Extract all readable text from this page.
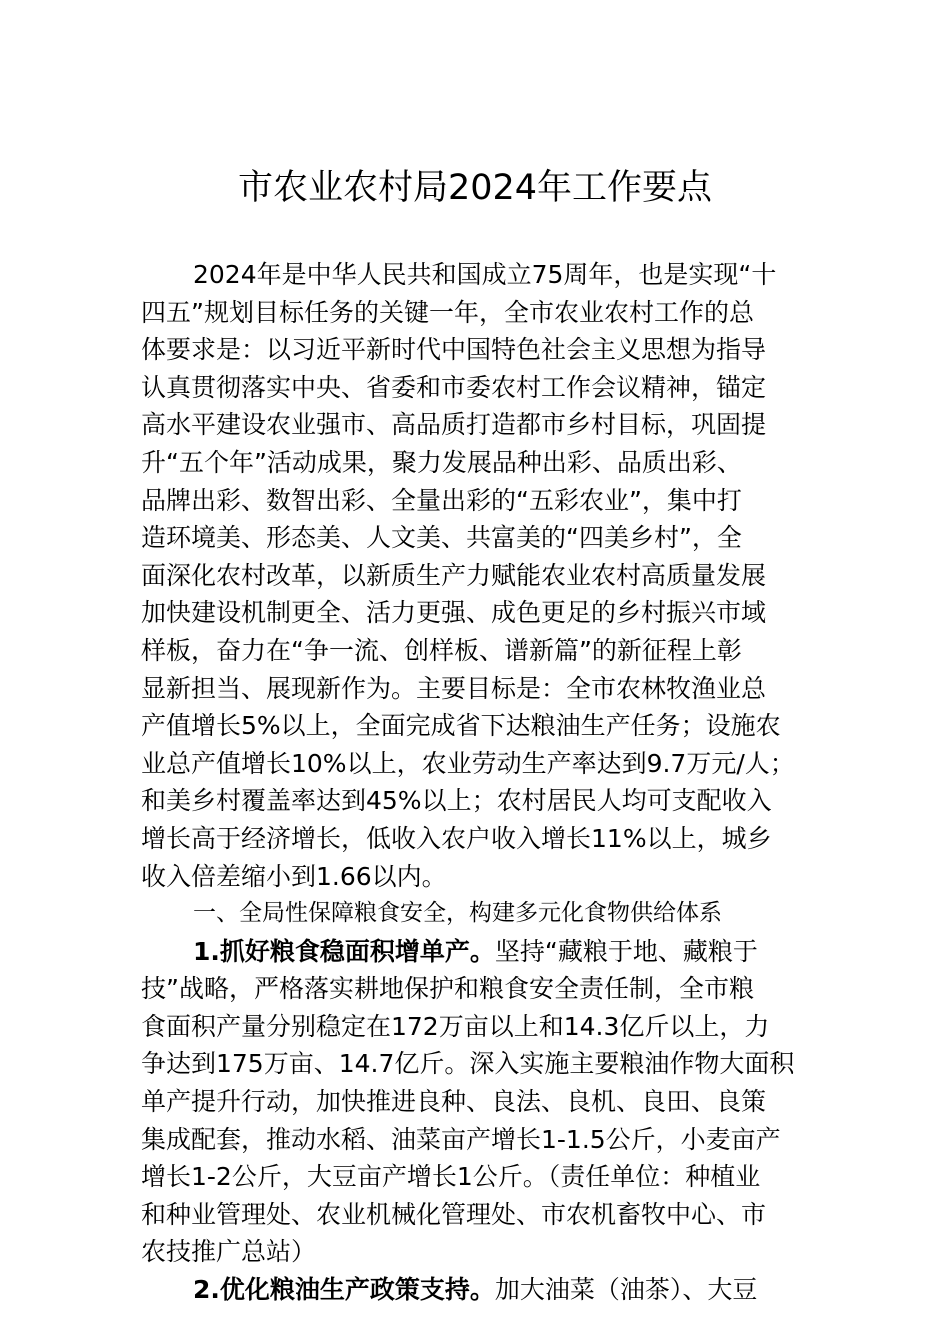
市农业农村局2024年工作要点
2024年是中华人民共和国成立75周年，也是实现“十
四五”规划目标任务的关键一年，全市农业农村工作的总
体要求是：以习近平新时代中国特色社会主义思想为指导
认真贯彻落实中央、省委和市委农村工作会议精神，锚定
高水平建设农业强市、高品质打造都市乡村目标，巩固提
升“五个年”活动成果，聚力发展品种出彩、品质出彩、
品牌出彩、数智出彩、全量出彩的“五彩农业”，集中打
造环境美、形态美、人文美、共富美的“四美乡村”，全
面深化农村改革，以新质生产力赋能农业农村高质量发展
加快建设机制更全、活力更强、成色更足的乡村振兴市域
样板，奋力在“争一流、创样板、谱新篇”的新征程上彰
显新担当、展现新作为。主要目标是：全市农林牧渔业总
产值增长5%以上，全面完成省下达粮油生产任务；设施农
业总产值增长10%以上，农业劳动生产率达到9.7万元/人；
和美乡村覆盖率达到45%以上；农村居民人均可支配收入
增长高于经济增长，低收入农户收入增长11%以上，城乡
收入倍差缩小到1.66以内。
一、全局性保障粮食安全，构建多元化食物供给体系
1.抓好粮食稳面积增单产。坚持“藏粮于地、藏粮于
技”战略，严格落实耕地保护和粮食安全责任制，全市粮
食面积产量分别稳定在172万亩以上和14.3亿斤以上，力
争达到175万亩、14.7亿斤。深入实施主要粮油作物大面积
单产提升行动，加快推进良种、良法、良机、良田、良策
集成配套，推动水稻、油菜亩产增长1-1.5公斤，小麦亩产
增长1-2公斤，大豆亩产增长1公斤。（责任单位：种植业
和种业管理处、农业机械化管理处、市农机畜牧中心、市
农技推广总站）
2.优化粮油生产政策支持。加大油菜（油茶）、大豆
